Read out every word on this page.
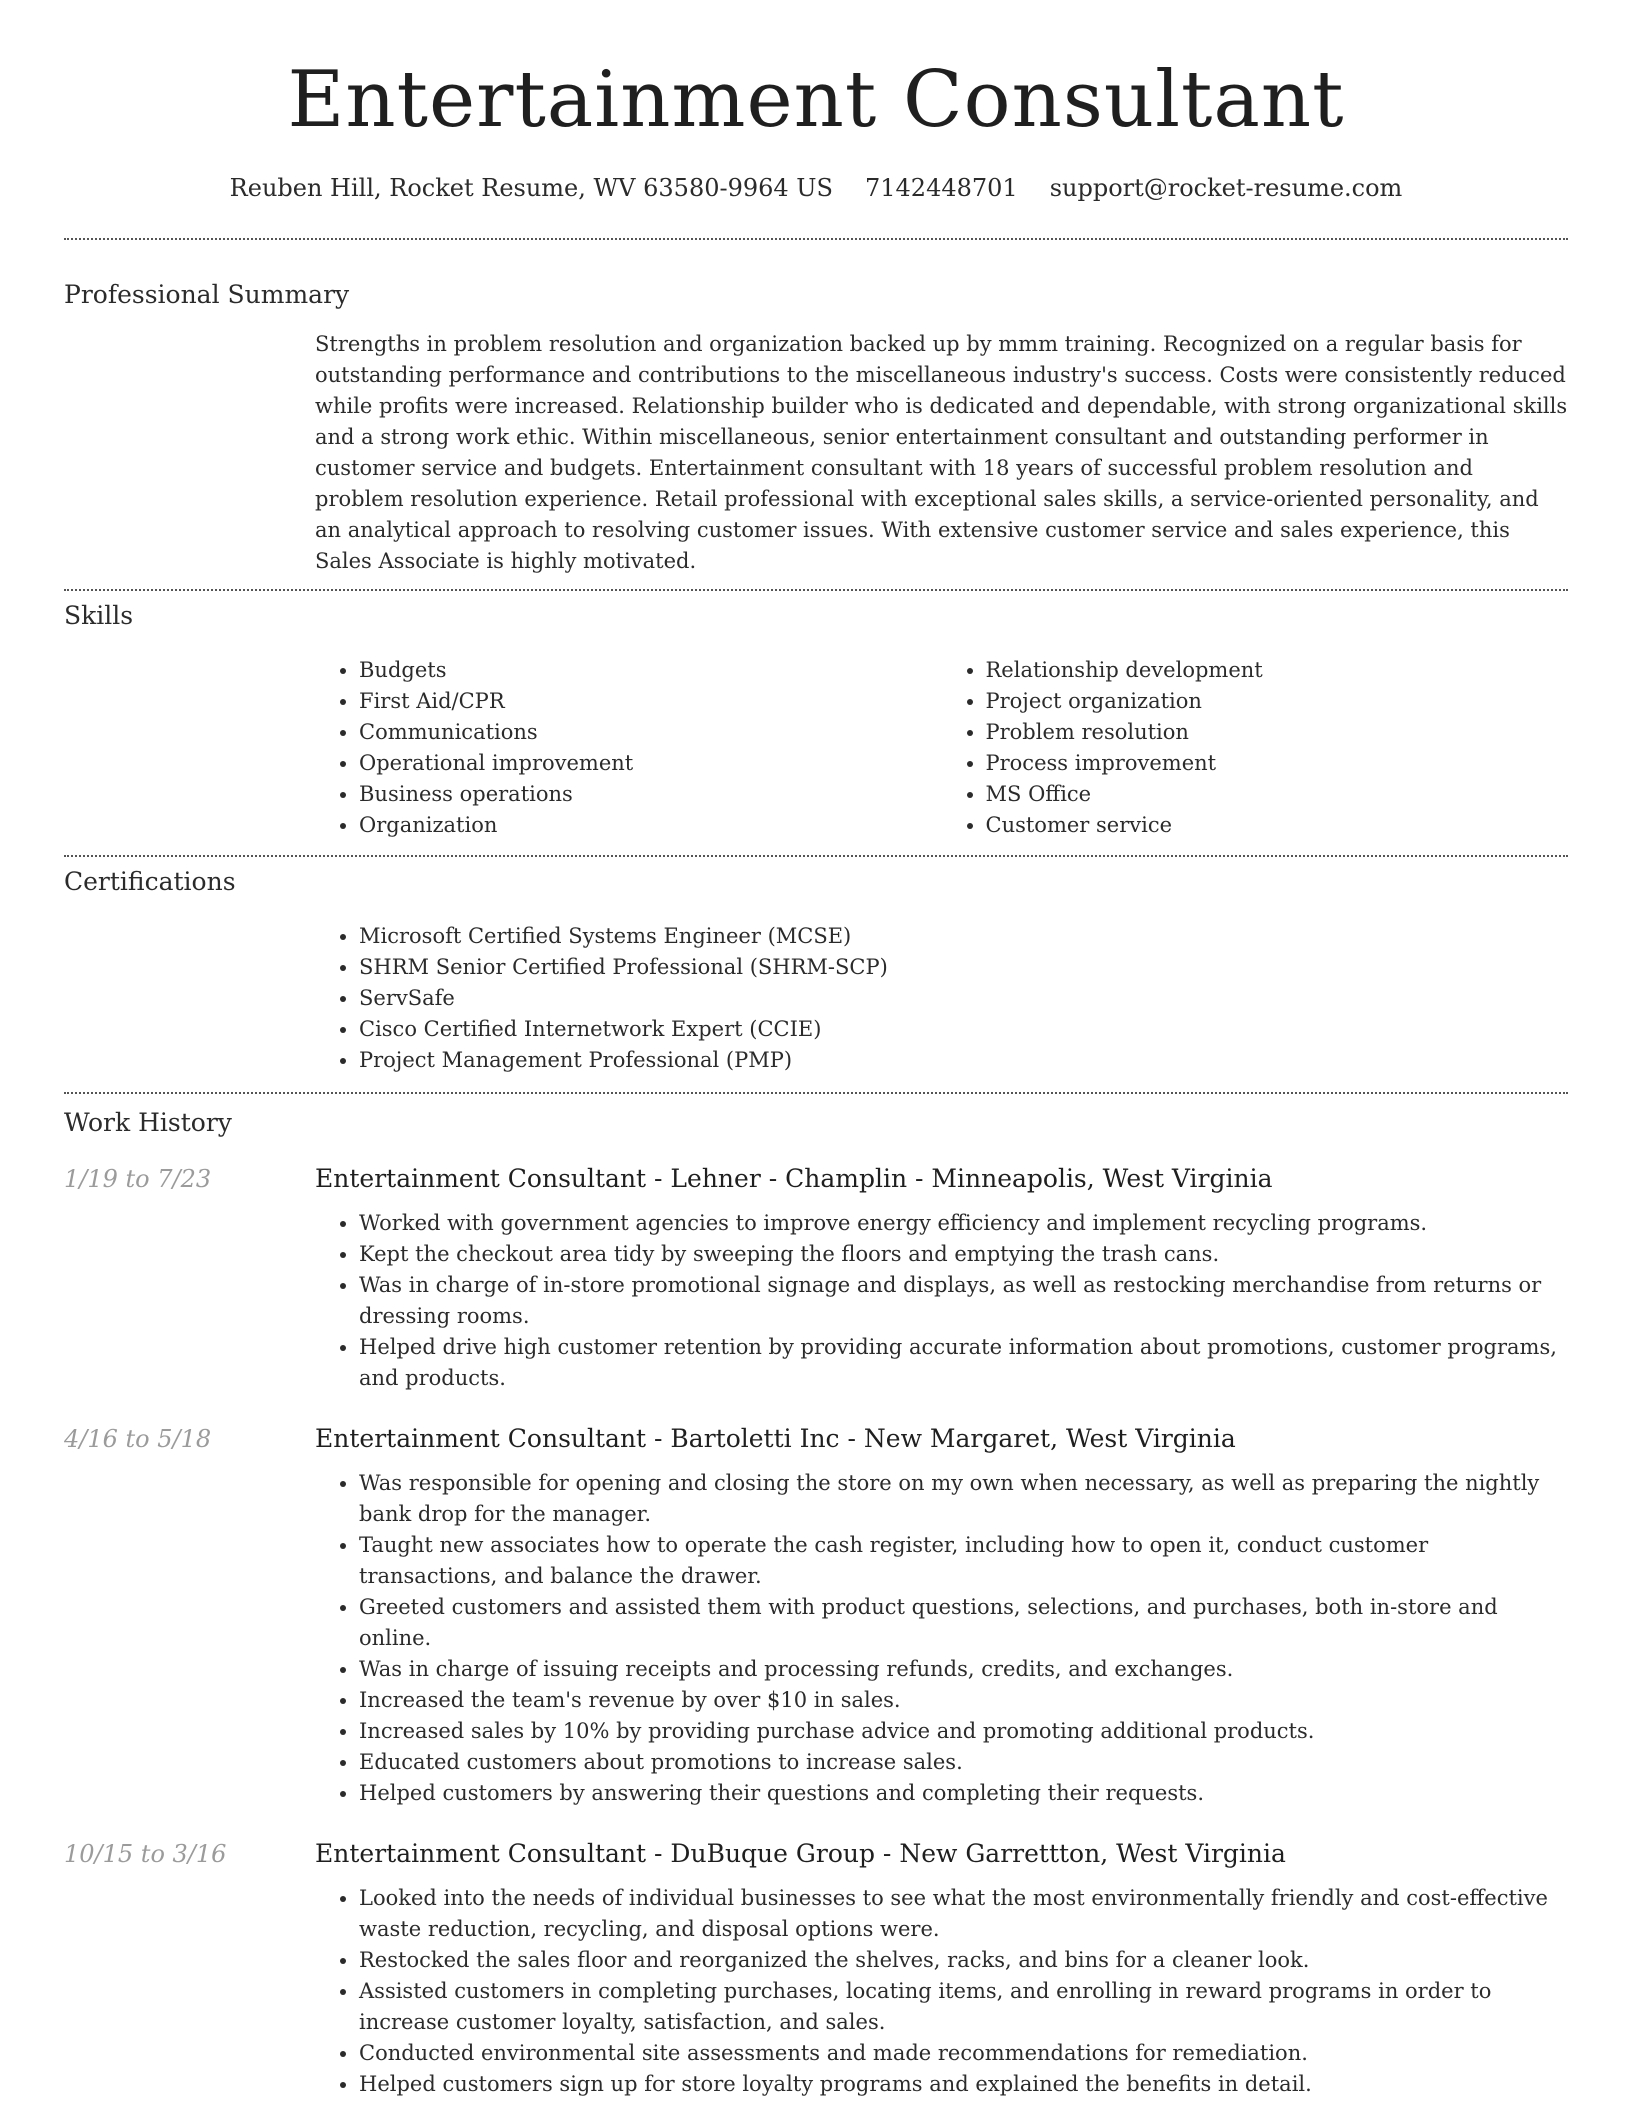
Entertainment Consultant
Reuben Hill, Rocket Resume, WV 63580-9964 US 7142448701 support@rocket-resume.com
Professional Summary

Strengths in problem resolution and organization backed up by mmm training. Recognized on a regular basis for outstanding performance and contributions to the miscellaneous industry's success. Costs were consistently reduced while profits were increased. Relationship builder who is dedicated and dependable, with strong organizational skills and a strong work ethic. Within miscellaneous, senior entertainment consultant and outstanding performer in customer service and budgets. Entertainment consultant with 18 years of successful problem resolution and problem resolution experience. Retail professional with exceptional sales skills, a service-oriented personality, and an analytical approach to resolving customer issues. With extensive customer service and sales experience, this Sales Associate is highly motivated.

Skills
• Budgets
• First Aid/CPR
• Communications
• Operational improvement
• Business operations
• Organization
• Relationship development
• Project organization
• Problem resolution
• Process improvement
• MS Office
• Customer service
Certifications
• Microsoft Certified Systems Engineer (MCSE)
• SHRM Senior Certified Professional (SHRM-SCP)
• ServSafe
• Cisco Certified Internetwork Expert (CCIE)
• Project Management Professional (PMP)
Work History
1/19 to 7/23	Entertainment Consultant - Lehner - Champlin - Minneapolis, West Virginia
• Worked with government agencies to improve energy efficiency and implement recycling programs.
• Kept the checkout area tidy by sweeping the floors and emptying the trash cans.
• Was in charge of in-store promotional signage and displays, as well as restocking merchandise from returns or dressing rooms.
• Helped drive high customer retention by providing accurate information about promotions, customer programs, and products.
4/16 to 5/18	Entertainment Consultant - Bartoletti Inc - New Margaret, West Virginia
• Was responsible for opening and closing the store on my own when necessary, as well as preparing the nightly bank drop for the manager.
• Taught new associates how to operate the cash register, including how to open it, conduct customer transactions, and balance the drawer.
• Greeted customers and assisted them with product questions, selections, and purchases, both in-store and online.
• Was in charge of issuing receipts and processing refunds, credits, and exchanges.
• Increased the team's revenue by over $10 in sales.
• Increased sales by 10% by providing purchase advice and promoting additional products.
• Educated customers about promotions to increase sales.
• Helped customers by answering their questions and completing their requests.
10/15 to 3/16	Entertainment Consultant - DuBuque Group - New Garrettton, West Virginia
• Looked into the needs of individual businesses to see what the most environmentally friendly and cost-effective waste reduction, recycling, and disposal options were.
• Restocked the sales floor and reorganized the shelves, racks, and bins for a cleaner look.
• Assisted customers in completing purchases, locating items, and enrolling in reward programs in order to increase customer loyalty, satisfaction, and sales.
• Conducted environmental site assessments and made recommendations for remediation.
• Helped customers sign up for store loyalty programs and explained the benefits in detail.
